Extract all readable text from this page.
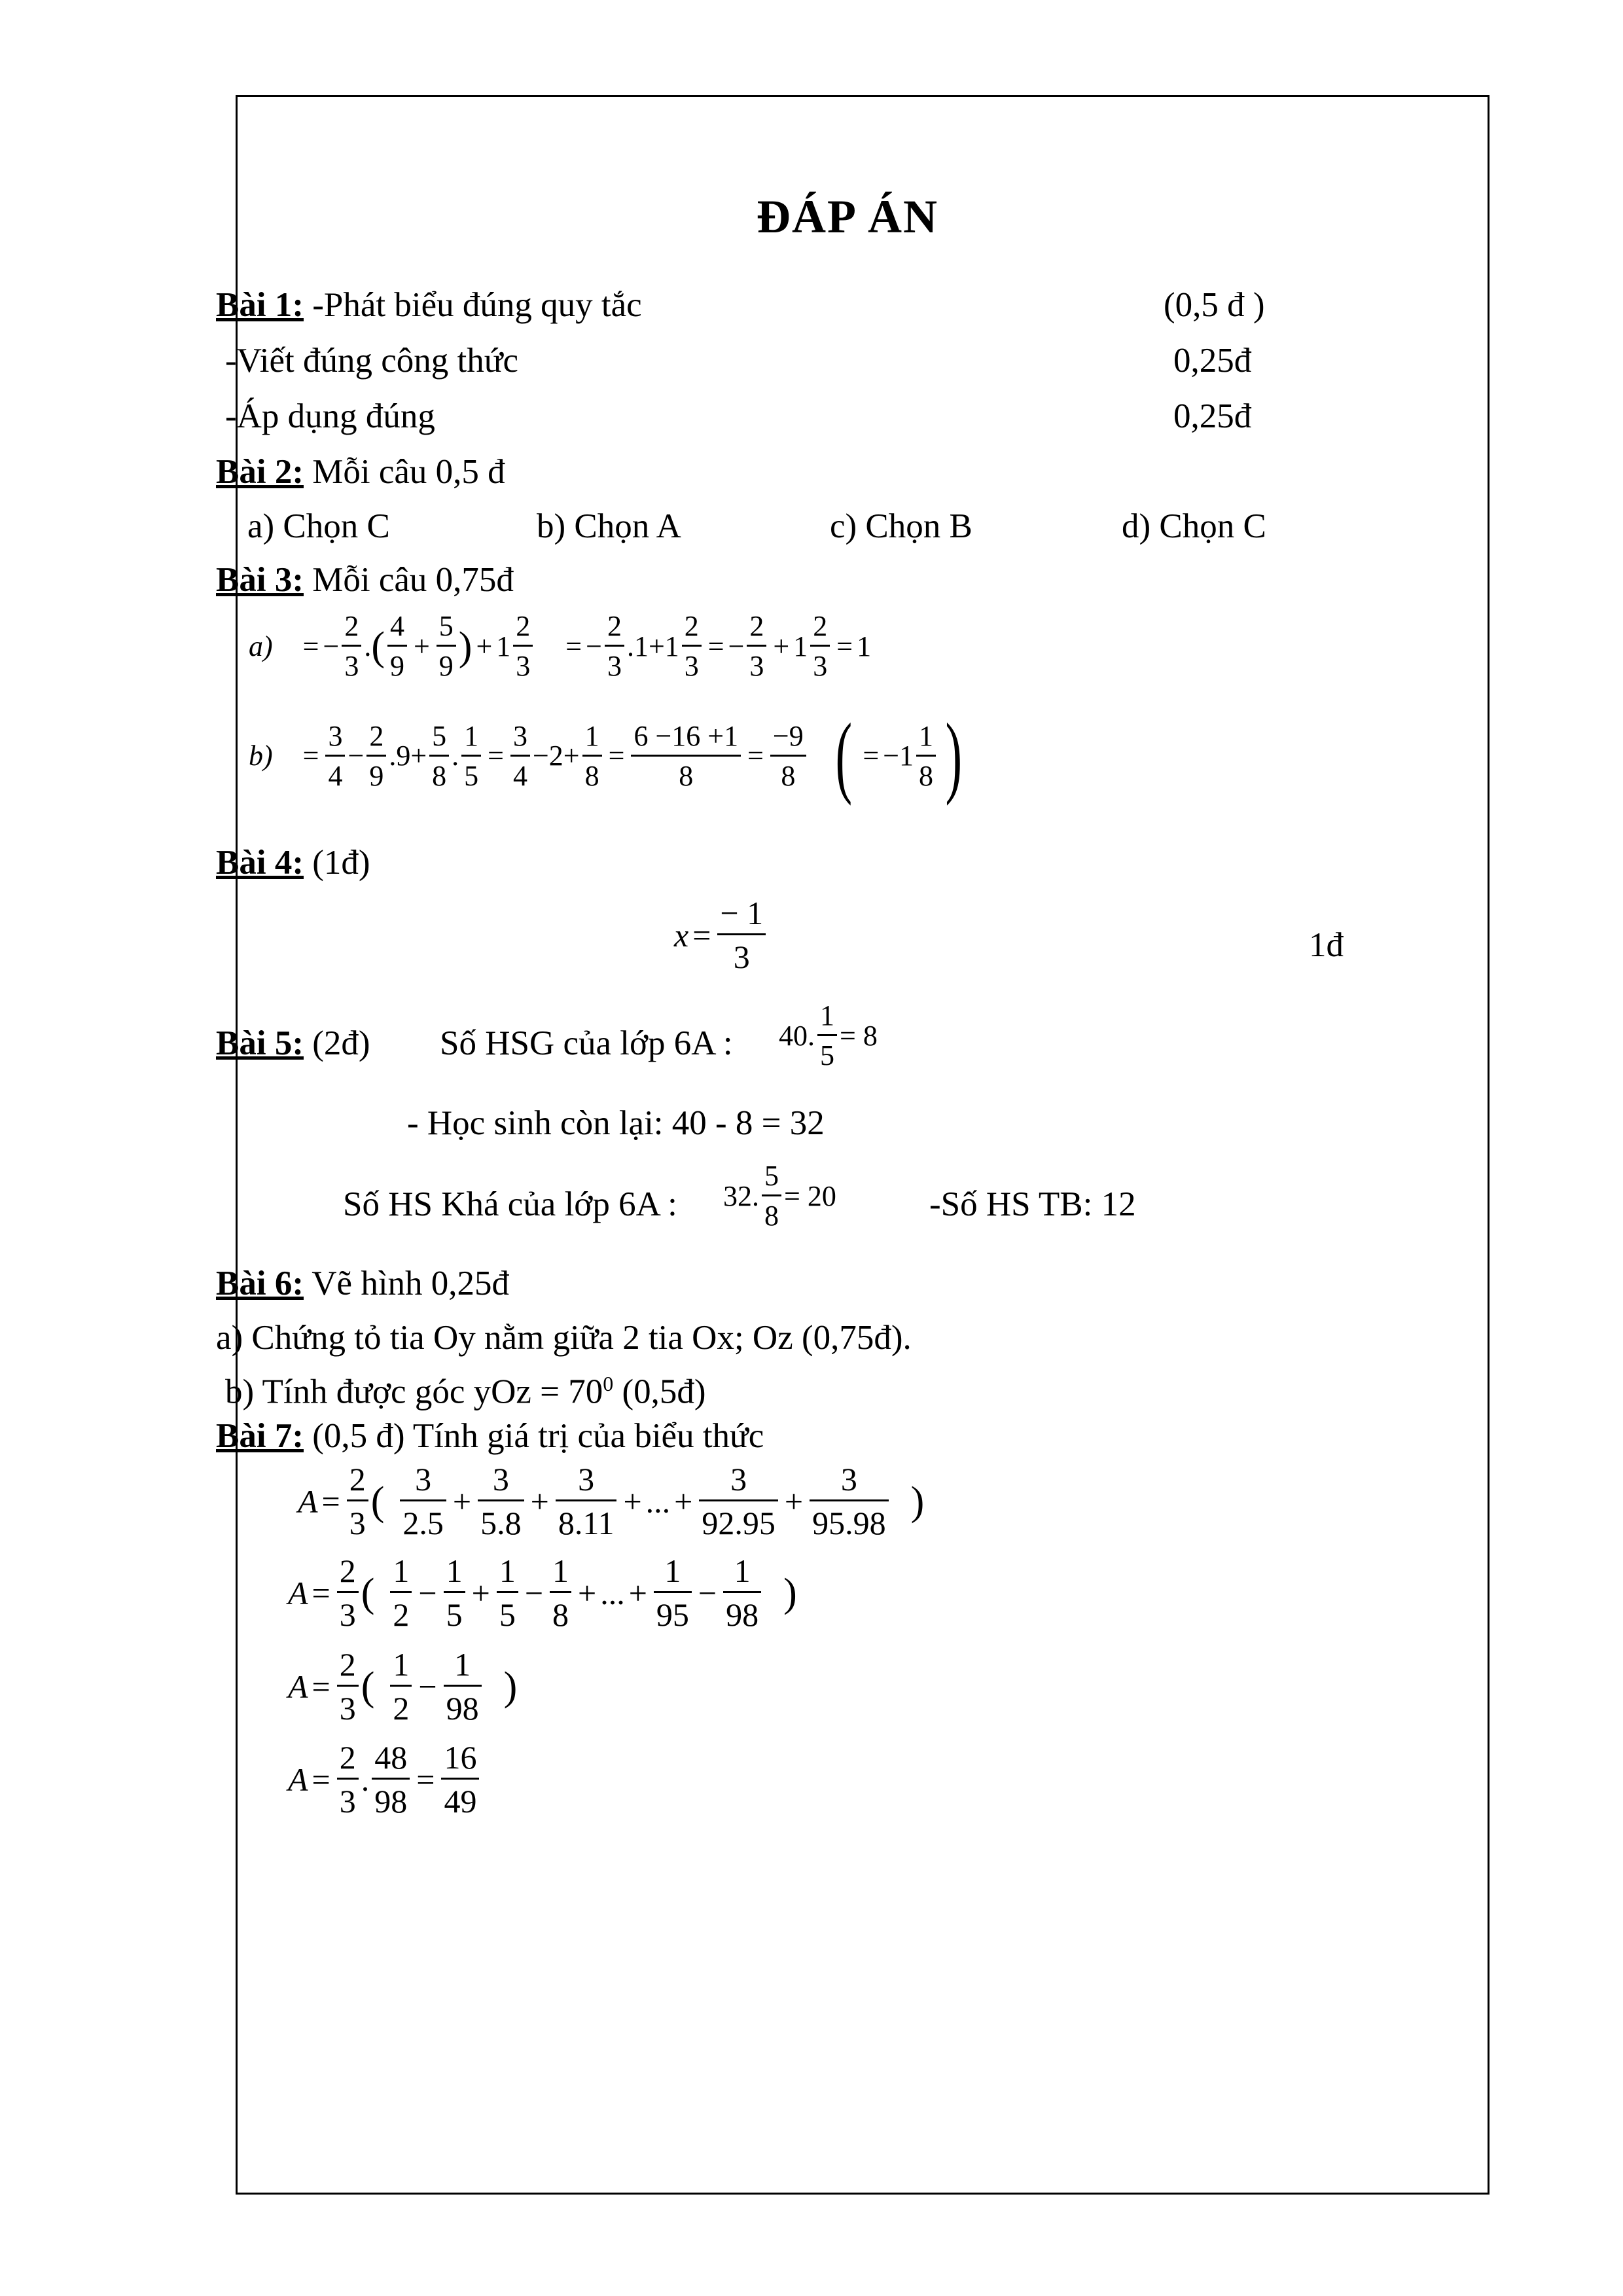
ĐÁP ÁN
Bài 1: -Phát biểu đúng quy tắc	(0,5 đ )
-Viết đúng công thức	0,25đ
-Áp dụng đúng	0,25đ
Bài 2: Mỗi câu 0,5 đ
a) Chọn C	b) Chọn A	c) Chọn B	d) Chọn C
Bài 3: Mỗi câu 0,75đ
a) = − $\frac{2}{3}$ . ( $\frac{4}{9} + \frac{5}{9}$ ) + $1 \frac{2}{3}$ = − $\frac{2}{3} .1+1 \frac{2}{3}$ = − $\frac{2}{3} + 1 \frac{2}{3} = 1$
$b) = \frac{3}{4} - \frac{2}{9} .9+ \frac{5}{8}$ . $\frac{1}{5} = \frac{3}{4} -2+ \frac{1}{8} = \frac{6 -16 +1}{8} = \frac{-9}{8}$ ( = $-1 \frac{1}{8}$ )
Bài 4: (1đ)
$x = \frac{- 1}{3}$	1đ
Bài 5: (2đ) Số HSG của lớp 6A : 40. $\frac{1}{5} = 8$
- Học sinh còn lại: 40 - 8 = 32
Số HS Khá của lớp 6A : 32. $\frac{5}{8} = 20$	-Số HS TB: 12
Bài 6: Vẽ hình 0,25đ
a) Chứng tỏ tia Oy nằm giữa 2 tia Ox; Oz (0,75đ).
b) Tính được góc yOz = $70^0$ (0,5đ)
Bài 7: (0,5 đ) Tính giá trị của biểu thức
$A = \frac{2}{3}$ ( $\frac{3}{2.5} + \frac{3}{5.8} + \frac{3}{8.11}$ + ... + $\frac{3}{92.95} + \frac{3}{95.98}$ )
$A = \frac{2}{3}$ ( $\frac{1}{2} - \frac{1}{5} + \frac{1}{5} - \frac{1}{8}$ + ... + $\frac{1}{95} - \frac{1}{98}$ )
$A = \frac{2}{3}$ ( $\frac{1}{2} - \frac{1}{98}$ )
$A = \frac{2}{3}$ . $\frac{48}{98} = \frac{16}{49}$
